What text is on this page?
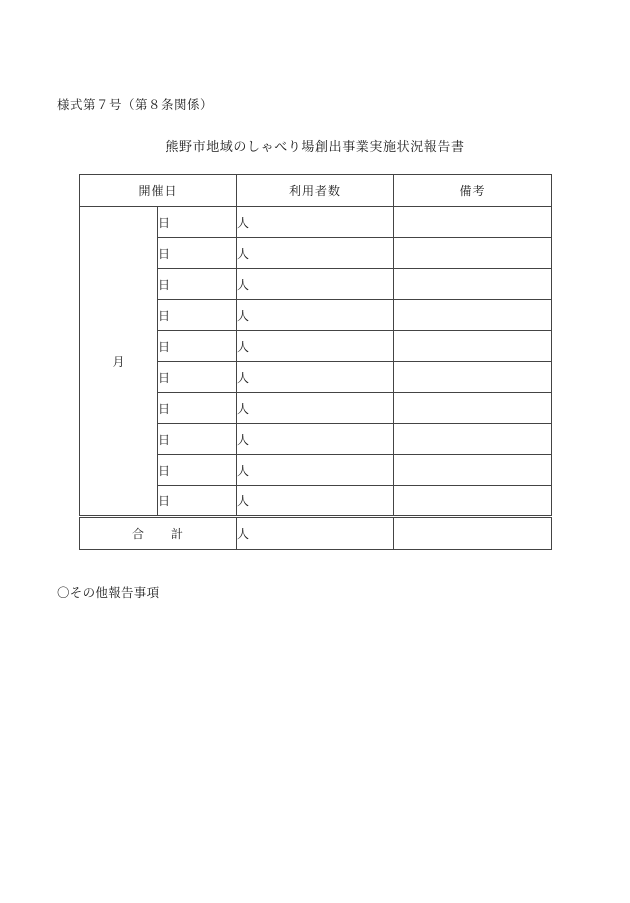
様式第７号（第８条関係）
熊野市地域のしゃべり場創出事業実施状況報告書
開催日		利用者数	備考
月	日	人	
	日	人	
	日	人	
	日	人	
	日	人	
	日	人	
	日	人	
	日	人	
	日	人	
	日	人	
合　　計		人	
〇その他報告事項
